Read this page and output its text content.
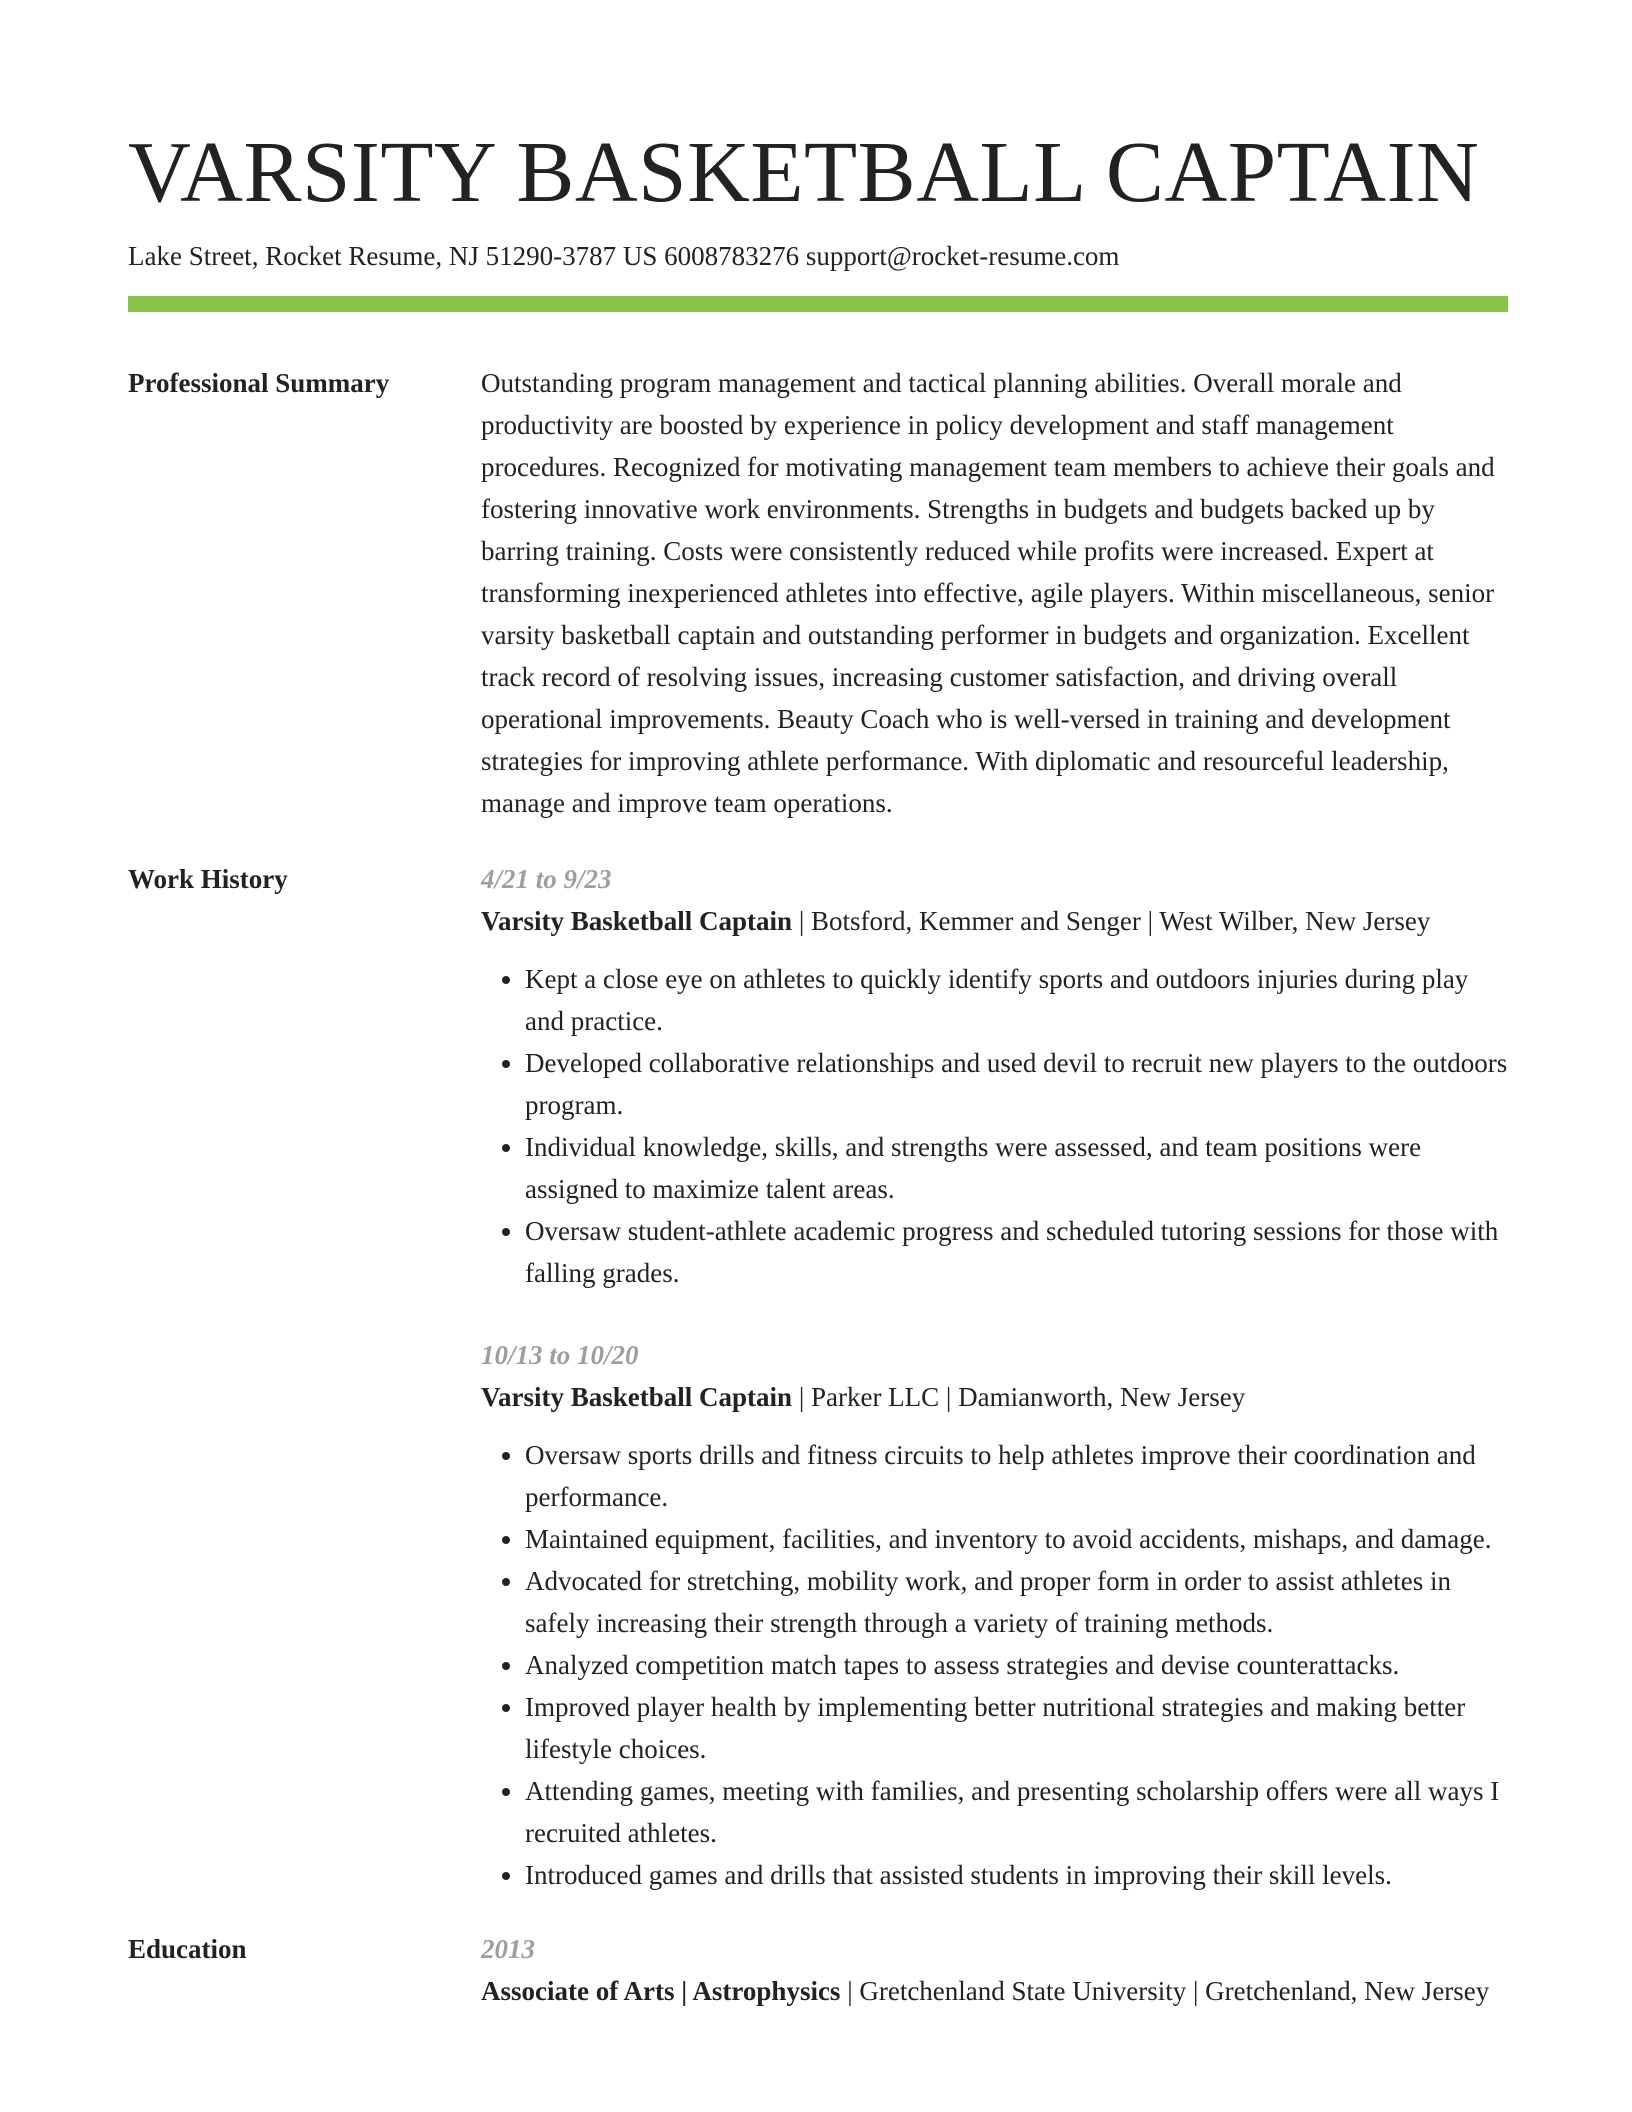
VARSITY BASKETBALL CAPTAIN
Lake Street, Rocket Resume, NJ 51290-3787 US 6008783276 support@rocket-resume.com
Professional Summary	Outstanding program management and tactical planning abilities. Overall morale and productivity are boosted by experience in policy development and staff management procedures. Recognized for motivating management team members to achieve their goals and fostering innovative work environments. Strengths in budgets and budgets backed up by barring training. Costs were consistently reduced while profits were increased. Expert at transforming inexperienced athletes into effective, agile players. Within miscellaneous, senior varsity basketball captain and outstanding performer in budgets and organization. Excellent track record of resolving issues, increasing customer satisfaction, and driving overall operational improvements. Beauty Coach who is well-versed in training and development strategies for improving athlete performance. With diplomatic and resourceful leadership, manage and improve team operations.

Work History	4/21 to 9/23
Varsity Basketball Captain | Botsford, Kemmer and Senger | West Wilber, New Jersey
• Kept a close eye on athletes to quickly identify sports and outdoors injuries during play and practice.
• Developed collaborative relationships and used devil to recruit new players to the outdoors program.
• Individual knowledge, skills, and strengths were assessed, and team positions were assigned to maximize talent areas.
• Oversaw student-athlete academic progress and scheduled tutoring sessions for those with falling grades.
10/13 to 10/20
Varsity Basketball Captain | Parker LLC | Damianworth, New Jersey
• Oversaw sports drills and fitness circuits to help athletes improve their coordination and performance.
• Maintained equipment, facilities, and inventory to avoid accidents, mishaps, and damage.
• Advocated for stretching, mobility work, and proper form in order to assist athletes in safely increasing their strength through a variety of training methods.
• Analyzed competition match tapes to assess strategies and devise counterattacks.
• Improved player health by implementing better nutritional strategies and making better lifestyle choices.
• Attending games, meeting with families, and presenting scholarship offers were all ways I recruited athletes.
• Introduced games and drills that assisted students in improving their skill levels.
Education	2013
Associate of Arts | Astrophysics | Gretchenland State University | Gretchenland, New Jersey
